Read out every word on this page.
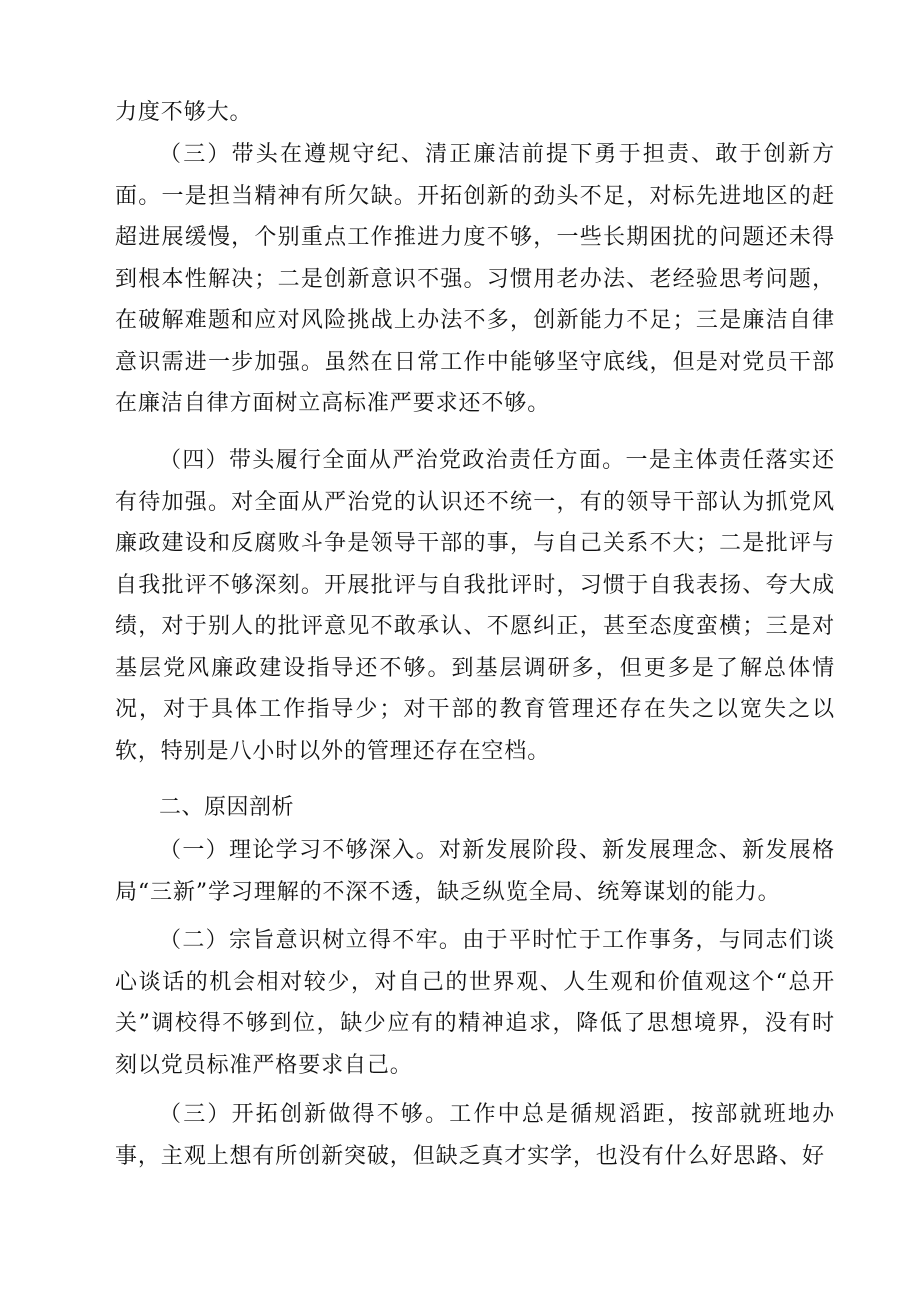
力度不够大。

（三）带头在遵规守纪、清正廉洁前提下勇于担责、敢于创新方面。一是担当精神有所欠缺。开拓创新的劲头不足，对标先进地区的赶超进展缓慢，个别重点工作推进力度不够，一些长期困扰的问题还未得到根本性解决；二是创新意识不强。习惯用老办法、老经验思考问题，在破解难题和应对风险挑战上办法不多，创新能力不足；三是廉洁自律意识需进一步加强。虽然在日常工作中能够坚守底线，但是对党员干部在廉洁自律方面树立高标准严要求还不够。

（四）带头履行全面从严治党政治责任方面。一是主体责任落实还有待加强。对全面从严治党的认识还不统一，有的领导干部认为抓党风廉政建设和反腐败斗争是领导干部的事，与自己关系不大；二是批评与自我批评不够深刻。开展批评与自我批评时，习惯于自我表扬、夸大成绩，对于别人的批评意见不敢承认、不愿纠正，甚至态度蛮横；三是对基层党风廉政建设指导还不够。到基层调研多，但更多是了解总体情况，对于具体工作指导少；对干部的教育管理还存在失之以宽失之以软，特别是八小时以外的管理还存在空档。

二、原因剖析

（一）理论学习不够深入。对新发展阶段、新发展理念、新发展格局“三新”学习理解的不深不透，缺乏纵览全局、统筹谋划的能力。

（二）宗旨意识树立得不牢。由于平时忙于工作事务，与同志们谈心谈话的机会相对较少，对自己的世界观、人生观和价值观这个“总开关”调校得不够到位，缺少应有的精神追求，降低了思想境界，没有时刻以党员标准严格要求自己。

（三）开拓创新做得不够。工作中总是循规滔距，按部就班地办事，主观上想有所创新突破，但缺乏真才实学，也没有什么好思路、好
